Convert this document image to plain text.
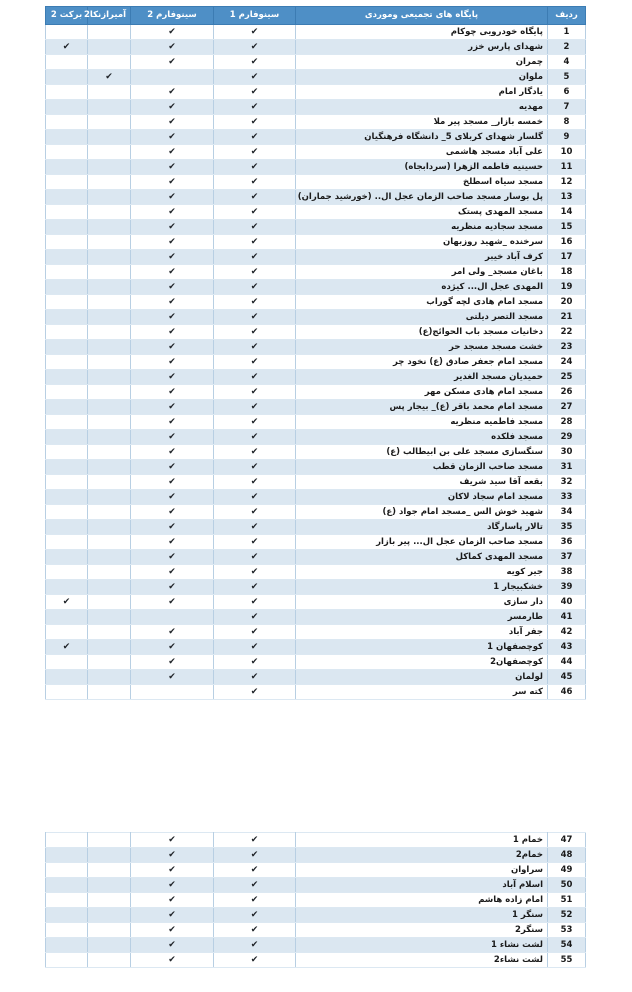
ردیف	پایگاه های تجمیعی وموردی	سینوفارم 1	سینوفارم 2	آمیرازنکا2	برکت 2
1	پایگاه خودرویی چوکام	✔	✔		
2	شهدای پارس خزر	✔	✔		✔
4	چمران	✔	✔		
5	ملوان	✔		✔	
6	یادگار امام	✔	✔		
7	مهدیه	✔	✔		
8	خمسه بازار_ مسجد پیر ملا	✔	✔		
9	گلسار شهدای کربلای 5_ دانشگاه فرهنگیان	✔	✔		
10	علی آباد مسجد هاشمی	✔	✔		
11	حسینیه فاطمه الزهرا (سردابجاه)	✔	✔		
12	مسجد سیاه اسطلخ	✔	✔		
13	پل بوسار مسجد صاحب الزمان عجل ال.. (خورشید جماران)	✔	✔		
14	مسجد المهدی پستک	✔	✔		
15	مسجد سجادیه منظریه	✔	✔		
16	سرخنده _شهید روزبهان	✔	✔		
17	کرف آباد خیبر	✔	✔		
18	باغان مسجد_ ولی امر	✔	✔		
19	المهدی عجل ال... کیژده	✔	✔		
20	مسجد امام هادی لچه گوراب	✔	✔		
21	مسجد التصر دیلتی	✔	✔		
22	دخانیات مسجد باب الحوائج(ع)	✔	✔		
23	خشت مسجد مسجد حر	✔	✔		
24	مسجد امام جعفر صادق (ع) نخود چر	✔	✔		
25	حمیدیان مسجد الغدیر	✔	✔		
26	مسجد امام هادی مسکن مهر	✔	✔		
27	مسجد امام محمد باقر (ع)_ بیجار پس	✔	✔		
28	مسجد فاطمیه منظریه	✔	✔		
29	مسجد فلکده	✔	✔		
30	سنگسازی مسجد علی بن ابیطالب (ع)	✔	✔		
31	مسجد صاحب الزمان قطب	✔	✔		
32	بقعه آقا سید شریف	✔	✔		
33	مسجد امام سجاد لاکان	✔	✔		
34	شهید خوش الس _مسجد امام جواد (ع)	✔	✔		
35	تالار پاسارگاد	✔	✔		
36	مسجد صاحب الزمان عجل ال... پیر بازار	✔	✔		
37	مسجد المهدی کماکل	✔	✔		
38	جیر کویه	✔	✔		
39	خشکبیجار 1	✔	✔		
40	دار سازی	✔	✔		✔
41	طارمسر	✔			
42	جفر آباد	✔	✔		
43	کوچصفهان 1	✔	✔		✔
44	کوچصفهان2	✔	✔		
45	لولمان	✔	✔		
46	کته سر	✔			
47	خمام 1	✔	✔		
48	خمام2	✔	✔		
49	سراوان	✔	✔		
50	اسلام آباد	✔	✔		
51	امام زاده هاشم	✔	✔		
52	سنگر 1	✔	✔		
53	سنگر2	✔	✔		
54	لشت نشاء 1	✔	✔		
55	لشت نشاء2	✔	✔		
